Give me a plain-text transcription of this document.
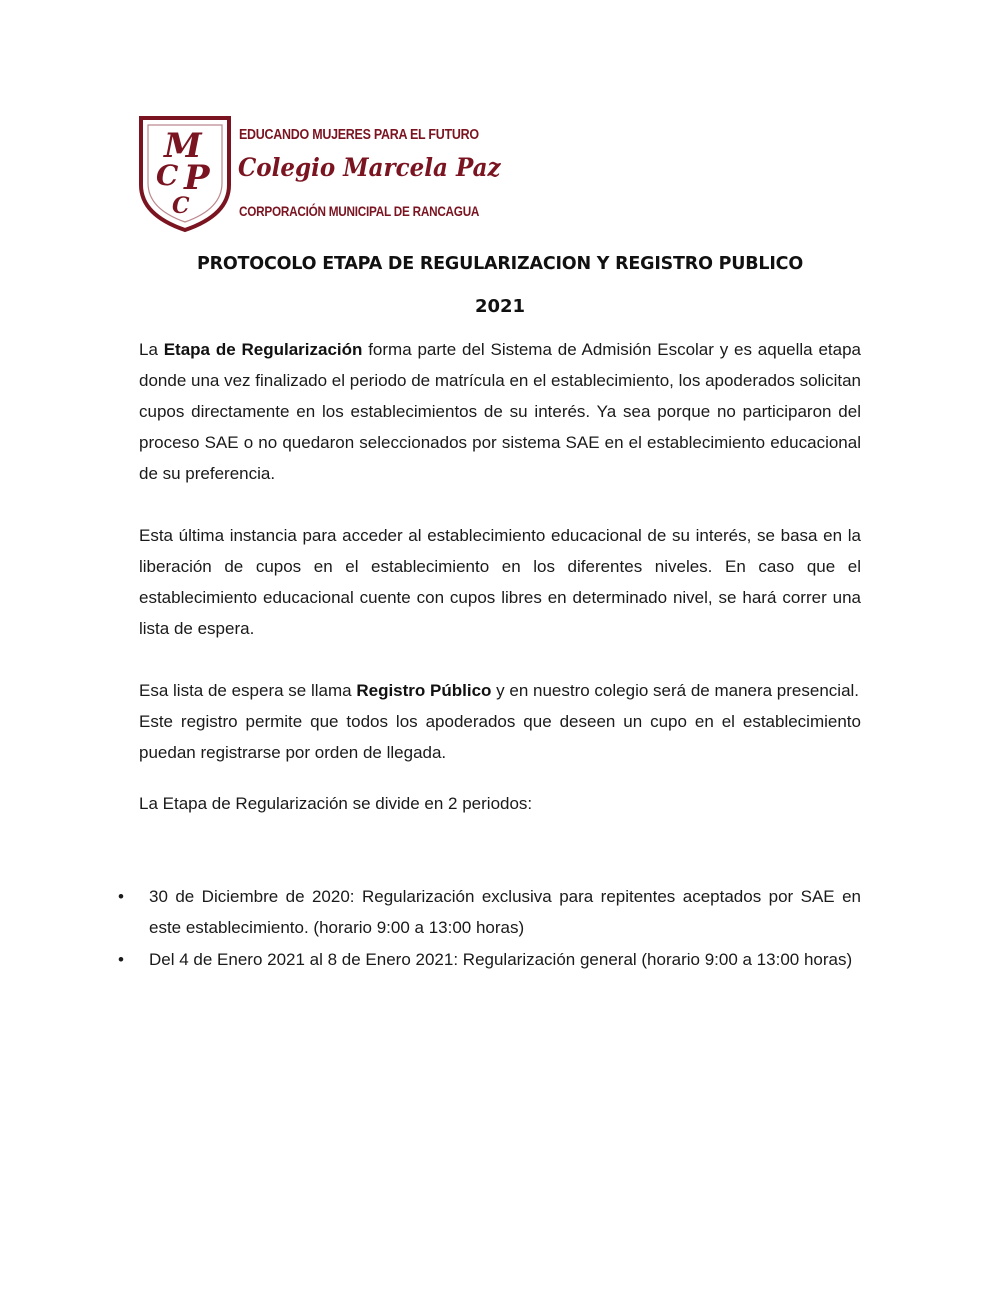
M
C P
C
EDUCANDO MUJERES PARA EL FUTURO
Colegio Marcela Paz
CORPORACIÓN MUNICIPAL DE RANCAGUA
PROTOCOLO ETAPA DE REGULARIZACION Y REGISTRO PUBLICO
2021

La Etapa de Regularización forma parte del Sistema de Admisión Escolar y es aquella etapa donde una vez finalizado el periodo de matrícula en el establecimiento, los apoderados solicitan cupos directamente en los establecimientos de su interés. Ya sea porque no participaron del proceso SAE o no quedaron seleccionados por sistema SAE en el establecimiento educacional de su preferencia.

Esta última instancia para acceder al establecimiento educacional de su interés, se basa en la liberación de cupos en el establecimiento en los diferentes niveles. En caso que el establecimiento educacional cuente con cupos libres en determinado nivel, se hará correr una lista de espera.

Esa lista de espera se llama Registro Público y en nuestro colegio será de manera presencial.

Este registro permite que todos los apoderados que deseen un cupo en el establecimiento puedan registrarse por orden de llegada.

La Etapa de Regularización se divide en 2 periodos:

• 30 de Diciembre de 2020: Regularización exclusiva para repitentes aceptados por SAE en este establecimiento. (horario 9:00 a 13:00 horas)
• Del 4 de Enero 2021 al 8 de Enero 2021: Regularización general (horario 9:00 a 13:00 horas)
